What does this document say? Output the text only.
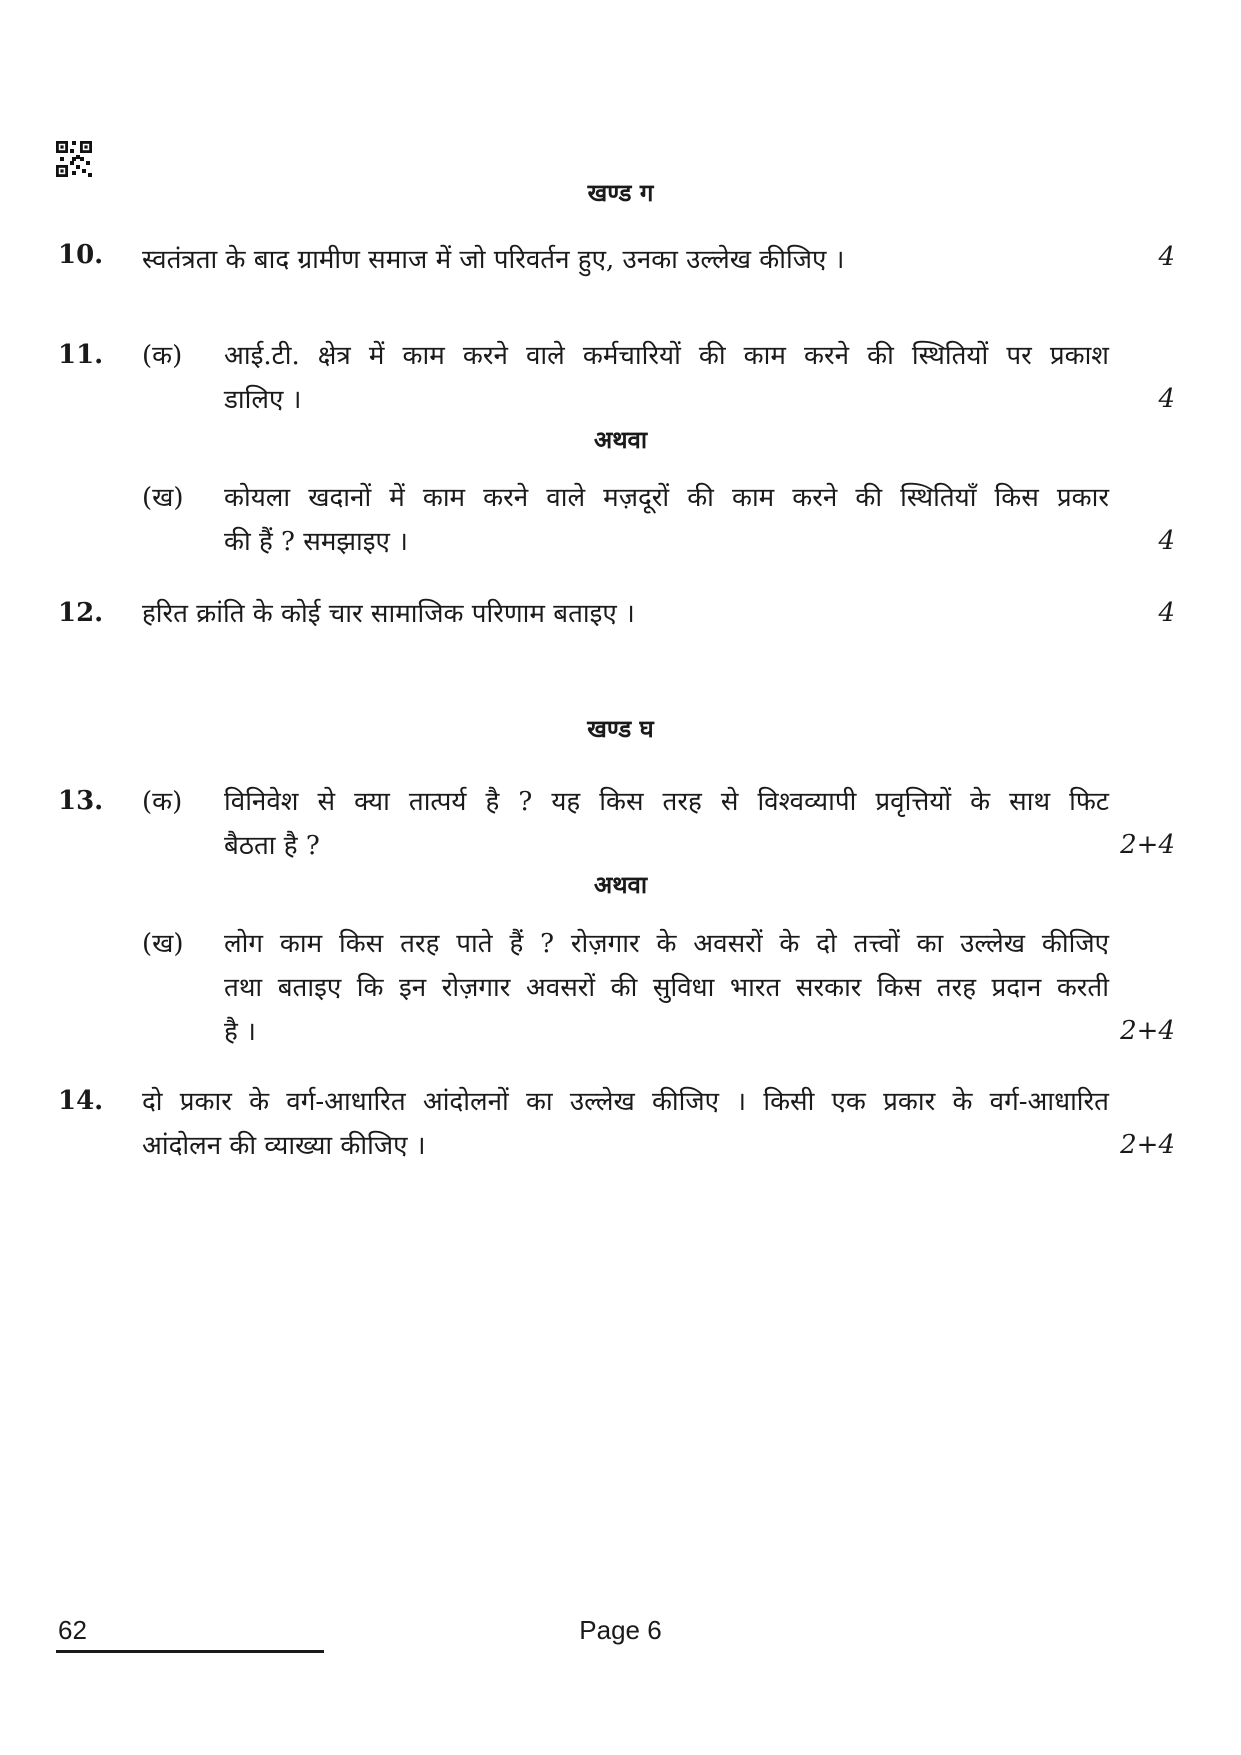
खण्ड ग
10. स्वतंत्रता के बाद ग्रामीण समाज में जो परिवर्तन हुए, उनका उल्लेख कीजिए ।	4
11. (क) आई.टी. क्षेत्र में काम करने वाले कर्मचारियों की काम करने की स्थितियों पर प्रकाश
डालिए ।	4
अथवा
(ख) कोयला खदानों में काम करने वाले मज़दूरों की काम करने की स्थितियाँ किस प्रकार
की हैं ? समझाइए ।	4
12. हरित क्रांति के कोई चार सामाजिक परिणाम बताइए ।	4
खण्ड घ
13. (क) विनिवेश से क्या तात्पर्य है ? यह किस तरह से विश्वव्यापी प्रवृत्तियों के साथ फिट
बैठता है ?	2+4
अथवा
(ख) लोग काम किस तरह पाते हैं ? रोज़गार के अवसरों के दो तत्त्वों का उल्लेख कीजिए
तथा बताइए कि इन रोज़गार अवसरों की सुविधा भारत सरकार किस तरह प्रदान करती
है ।	2+4
14. दो प्रकार के वर्ग-आधारित आंदोलनों का उल्लेख कीजिए । किसी एक प्रकार के वर्ग-आधारित
आंदोलन की व्याख्या कीजिए ।	2+4
62	Page 6
